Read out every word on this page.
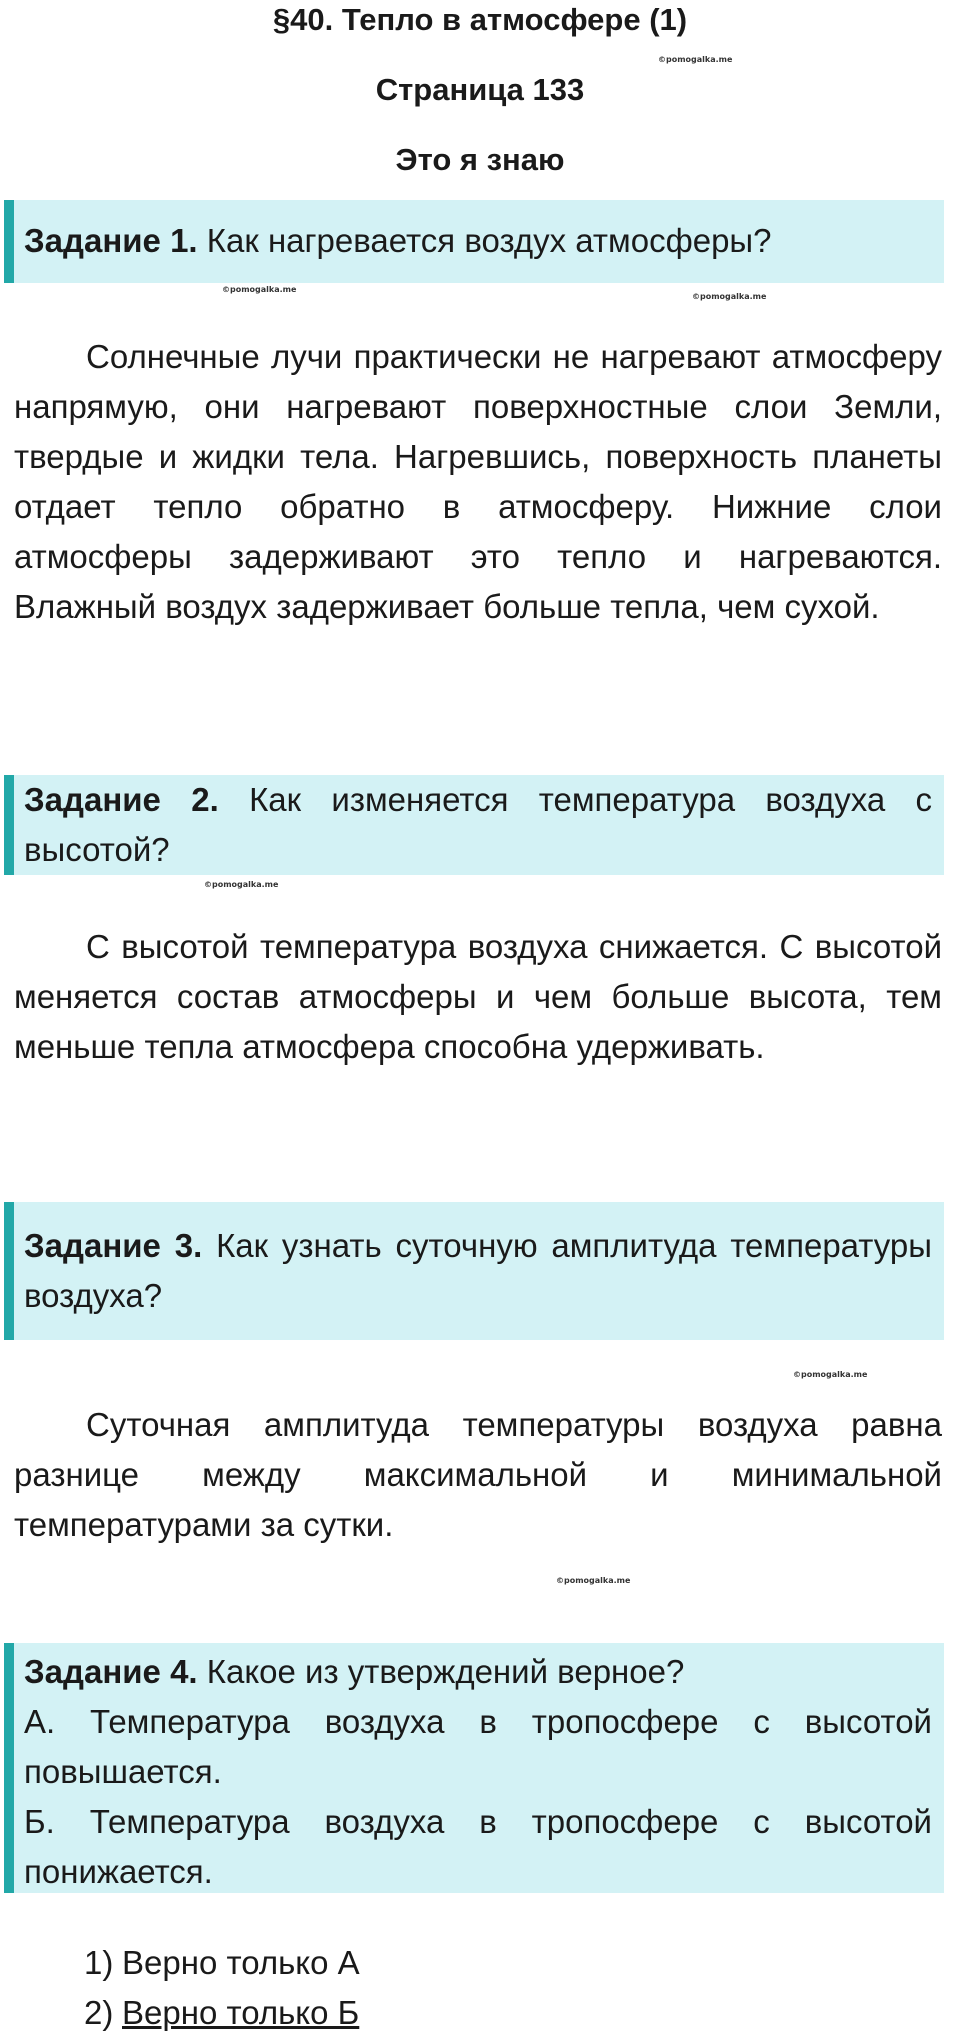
§40. Тепло в атмосфере (1)
Страница 133
Это я знаю
©pomogalka.me
Задание 1. Как нагревается воздух атмосферы?
©pomogalka.me
©pomogalka.me

Солнечные лучи практически не нагревают атмосферу напрямую, они нагревают поверхностные слои Земли, твердые и жидки тела. Нагревшись, поверхность планеты отдает тепло обратно в атмосферу. Нижние слои атмосферы задерживают это тепло и нагреваются. Влажный воздух задерживает больше тепла, чем сухой.

Задание 2. Как изменяется температура воздуха с высотой?
©pomogalka.me

С высотой температура воздуха снижается. С высотой меняется состав атмосферы и чем больше высота, тем меньше тепла атмосфера способна удерживать.

Задание 3. Как узнать суточную амплитуда температуры воздуха?
©pomogalka.me

Суточная амплитуда температуры воздуха равна разнице между максимальной и минимальной температурами за сутки.

©pomogalka.me
Задание 4. Какое из утверждений верное?
А. Температура воздуха в тропосфере с высотой повышается.
Б. Температура воздуха в тропосфере с высотой понижается.
1) Верно только А
2) Верно только Б
